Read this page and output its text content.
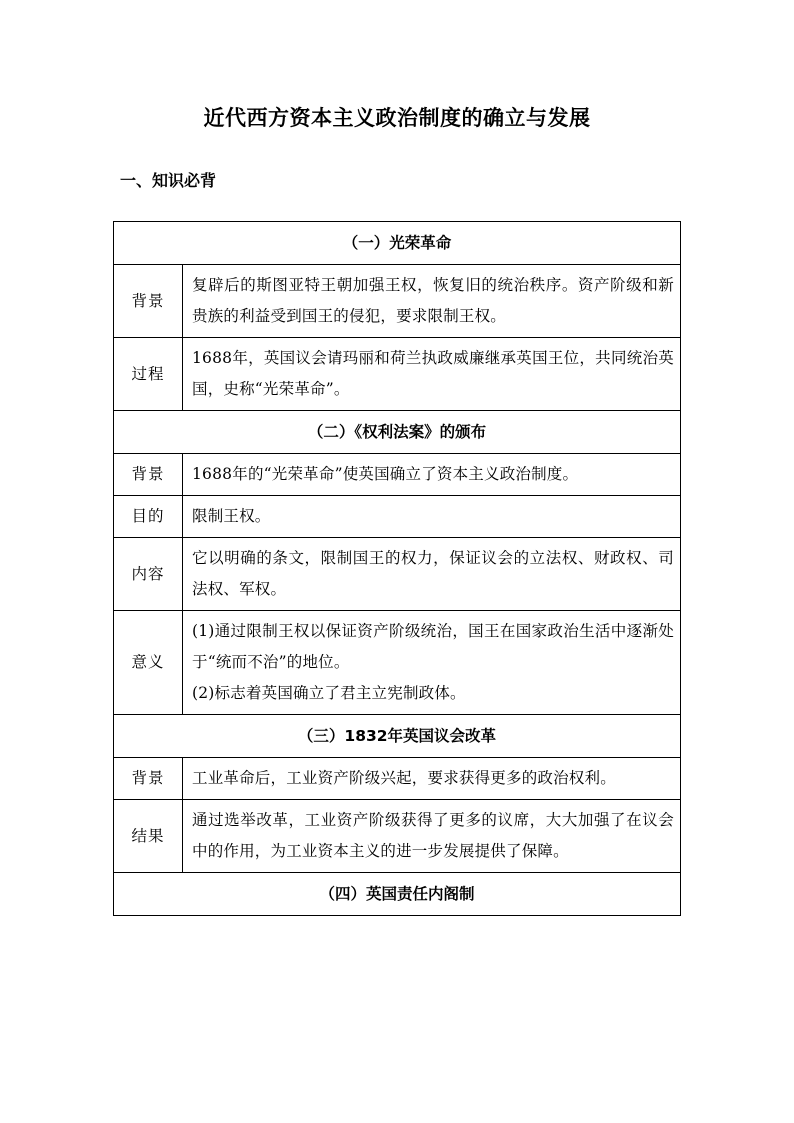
近代西方资本主义政治制度的确立与发展
一、知识必背
（一）光荣革命	
背景	复辟后的斯图亚特王朝加强王权，恢复旧的统治秩序。资产阶级和新贵族的利益受到国王的侵犯，要求限制王权。

过程	1688年，英国议会请玛丽和荷兰执政威廉继承英国王位，共同统治英国，史称“光荣革命”。

（二）《权利法案》的颁布	
背景	1688年的“光荣革命”使英国确立了资本主义政治制度。

目的	限制王权。

内容	它以明确的条文，限制国王的权力，保证议会的立法权、财政权、司法权、军权。

意义	(1)通过限制王权以保证资产阶级统治，国王在国家政治生活中逐渐处于“统而不治”的地位。

(2)标志着英国确立了君主立宪制政体。

（三）1832年英国议会改革	
背景	工业革命后，工业资产阶级兴起，要求获得更多的政治权利。

结果	通过选举改革，工业资产阶级获得了更多的议席，大大加强了在议会中的作用，为工业资本主义的进一步发展提供了保障。

（四）英国责任内阁制	
